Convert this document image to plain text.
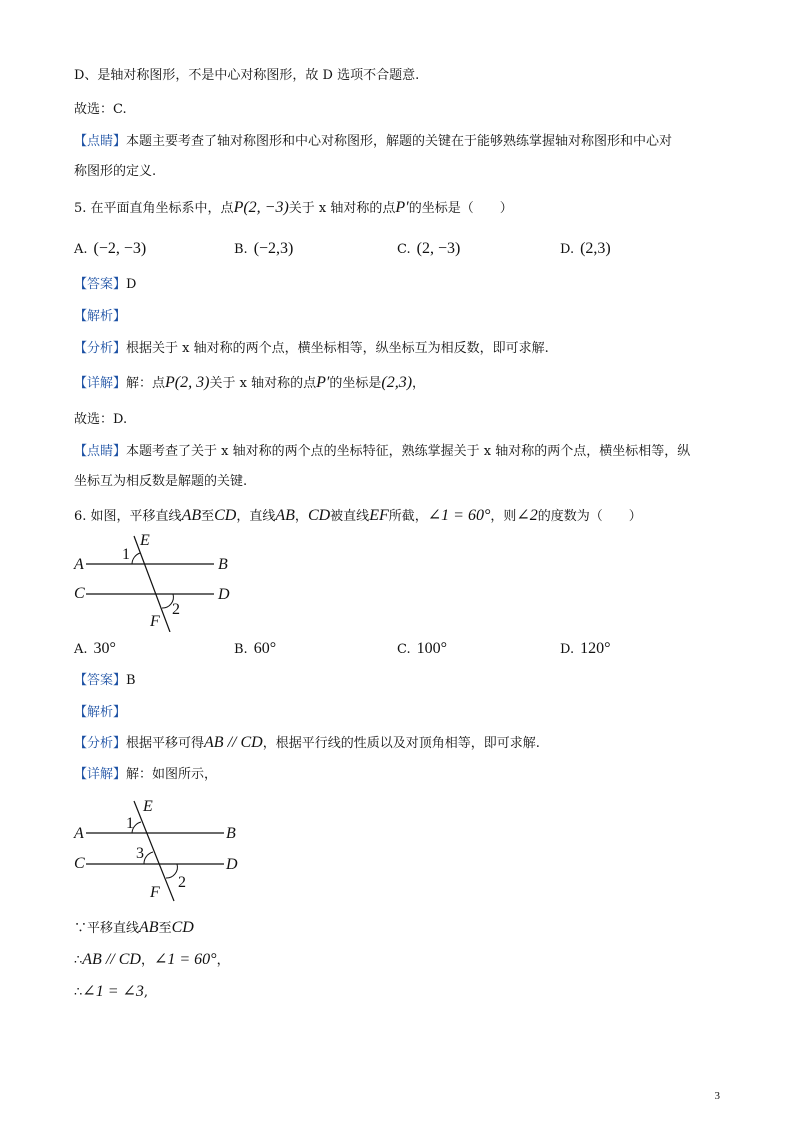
D、是轴对称图形，不是中心对称图形，故 D 选项不合题意.
故选：C.
【点睛】本题主要考查了轴对称图形和中心对称图形，解题的关键在于能够熟练掌握轴对称图形和中心对
称图形的定义.
5. 在平面直角坐标系中，点P(2, −3)关于 x 轴对称的点P′的坐标是（　　）
A. (−2, −3)	B. (−2,3)	C. (2, −3)	D. (2,3)
【答案】D
【解析】
【分析】根据关于 x 轴对称的两个点，横坐标相等，纵坐标互为相反数，即可求解.
【详解】解：点P(2, 3)关于 x 轴对称的点P′的坐标是(2,3)，
故选：D.
【点睛】本题考查了关于 x 轴对称的两个点的坐标特征，熟练掌握关于 x 轴对称的两个点，横坐标相等，纵
坐标互为相反数是解题的关键.
6. 如图，平移直线AB至CD，直线AB，CD被直线EF所截，∠1 = 60°，则∠2的度数为（　　）
A	B
C	D
E
F
1
2
A. 30°	B. 60°	C. 100°	D. 120°
【答案】B
【解析】
【分析】根据平移可得AB // CD，根据平行线的性质以及对顶角相等，即可求解.
【详解】解：如图所示，
A	B
C	D
E
F
1
3
2
∵平移直线AB至CD
∴AB // CD，∠1 = 60°，
∴∠1 = ∠3,
3
